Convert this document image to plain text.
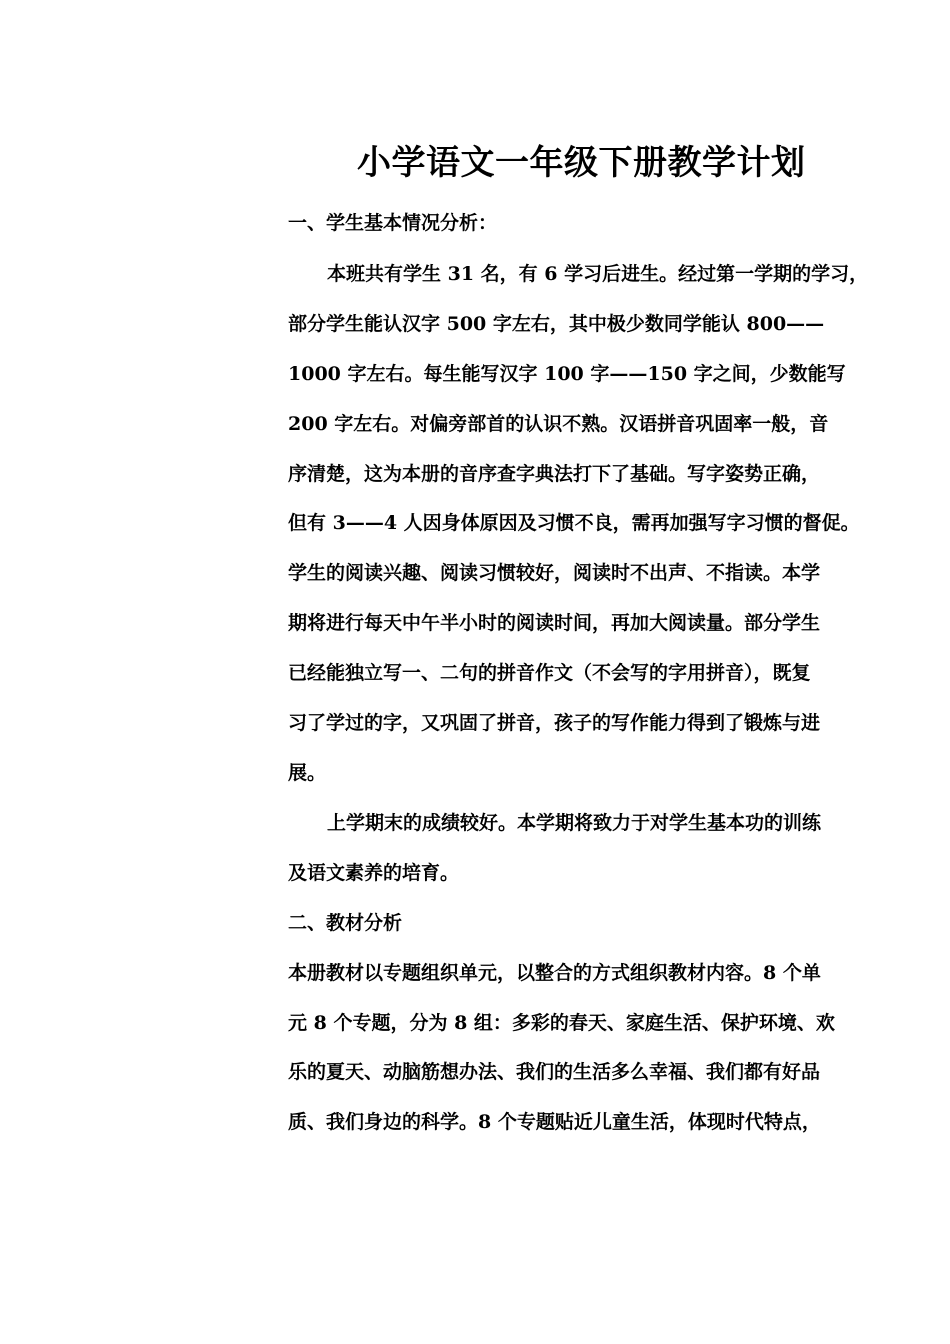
小学语文一年级下册教学计划
一、学生基本情况分析：
本班共有学生 31 名，有 6 学习后进生。经过第一学期的学习，
部分学生能认汉字 500 字左右，其中极少数同学能认 800——
1000 字左右。每生能写汉字 100 字——150 字之间，少数能写
200 字左右。对偏旁部首的认识不熟。汉语拼音巩固率一般，音
序清楚，这为本册的音序查字典法打下了基础。写字姿势正确，
但有 3——4 人因身体原因及习惯不良，需再加强写字习惯的督促。
学生的阅读兴趣、阅读习惯较好，阅读时不出声、不指读。本学
期将进行每天中午半小时的阅读时间，再加大阅读量。部分学生
已经能独立写一、二句的拼音作文（不会写的字用拼音），既复
习了学过的字，又巩固了拼音，孩子的写作能力得到了锻炼与进
展。
上学期末的成绩较好。本学期将致力于对学生基本功的训练
及语文素养的培育。
二、教材分析
本册教材以专题组织单元，以整合的方式组织教材内容。8 个单
元 8 个专题，分为 8 组：多彩的春天、家庭生活、保护环境、欢
乐的夏天、动脑筋想办法、我们的生活多么幸福、我们都有好品
质、我们身边的科学。8 个专题贴近儿童生活，体现时代特点，
